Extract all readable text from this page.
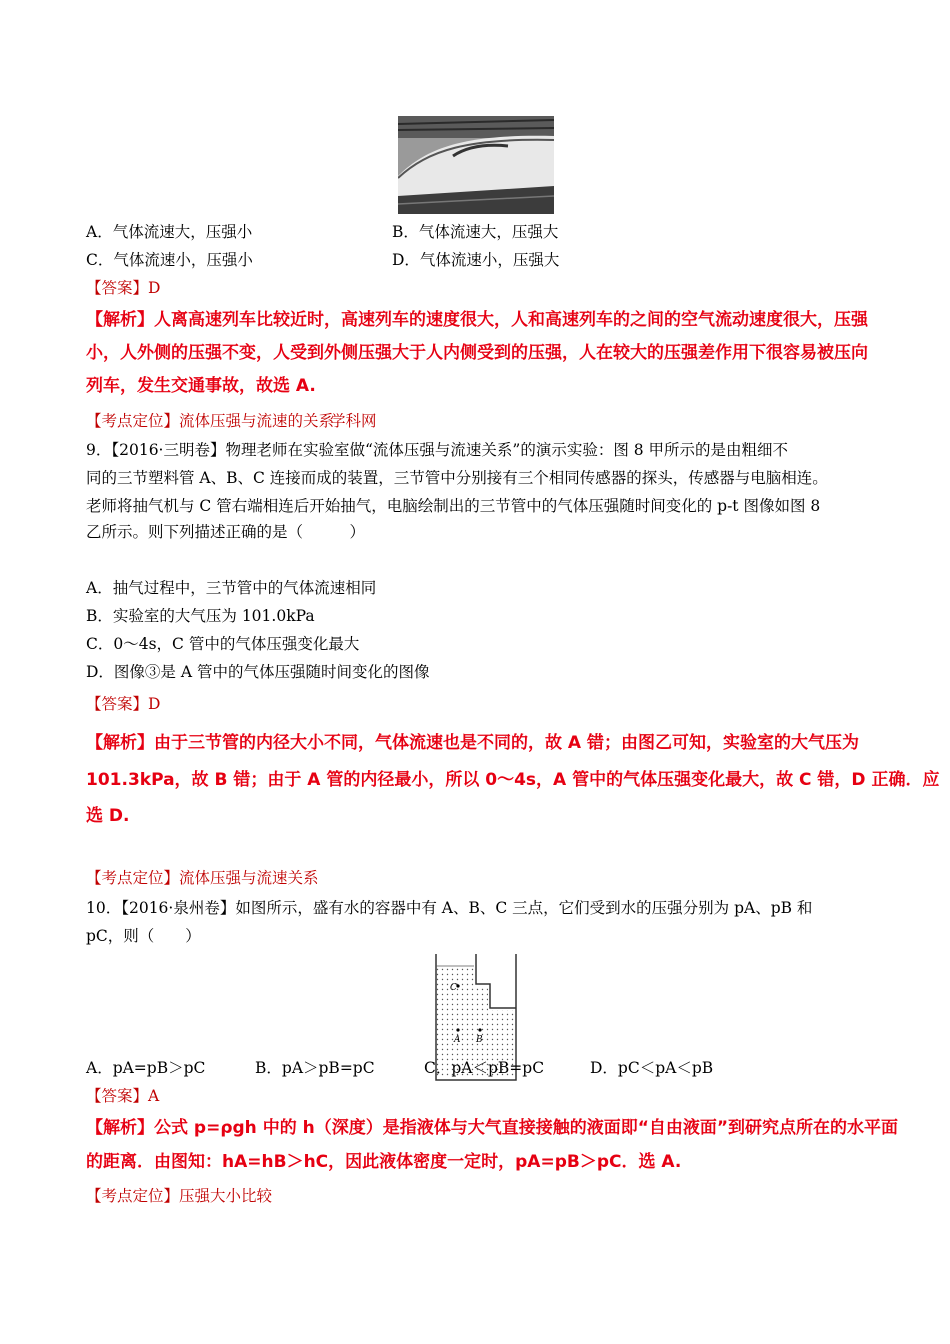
A．气体流速大，压强小	B．气体流速大，压强大
C．气体流速小，压强小	D．气体流速小，压强大
【答案】D
【解析】人离高速列车比较近时，高速列车的速度很大，人和高速列车的之间的空气流动速度很大，压强
小，人外侧的压强不变，人受到外侧压强大于人内侧受到的压强，人在较大的压强差作用下很容易被压向
列车，发生交通事故，故选 A.
【考点定位】流体压强与流速的关系
学科网
9．【2016·三明卷】物理老师在实验室做“流体压强与流速关系”的演示实验：图 8 甲所示的是由粗细不
同的三节塑料管 A、B、C 连接而成的装置，三节管中分别接有三个相同传感器的探头，传感器与电脑相连。
老师将抽气机与 C 管右端相连后开始抽气，电脑绘制出的三节管中的气体压强随时间变化的 p-t 图像如图 8
乙所示。则下列描述正确的是（　　　）
A．抽气过程中，三节管中的气体流速相同
B．实验室的大气压为 101.0kPa
C．0～4s，C 管中的气体压强变化最大
D．图像③是 A 管中的气体压强随时间变化的图像
【答案】D
【解析】由于三节管的内径大小不同，气体流速也是不同的，故 A 错；由图乙可知，实验室的大气压为
101.3kPa，故 B 错；由于 A 管的内径最小，所以 0～4s，A 管中的气体压强变化最大，故 C 错，D 正确．应
选 D.
【考点定位】流体压强与流速关系
10．【2016·泉州卷】如图所示，盛有水的容器中有 A、B、C 三点，它们受到水的压强分别为 pA、pB 和
pC，则（　　）
C
A B
A．pA=pB＞pC	B．pA＞pB=pC	C．pA＜pB=pC	D．pC＜pA＜pB
【答案】A
【解析】公式 p=ρgh 中的 h（深度）是指液体与大气直接接触的液面即“自由液面”到研究点所在的水平面
的距离．由图知：hA=hB＞hC，因此液体密度一定时，pA=pB＞pC．选 A.
【考点定位】压强大小比较
